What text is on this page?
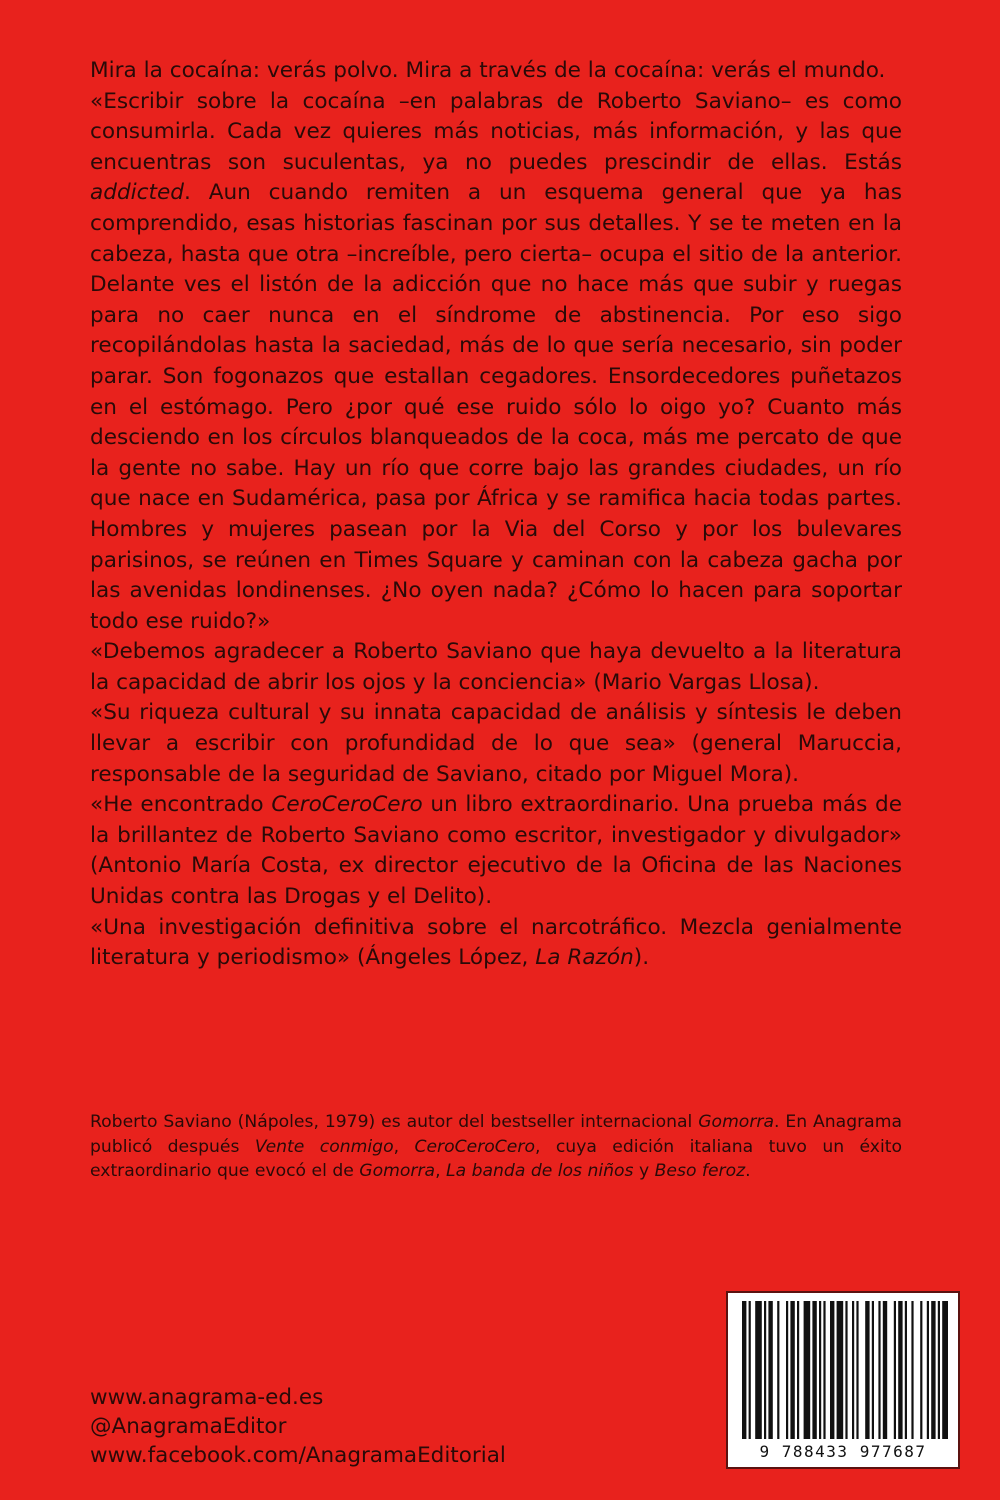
Mira la cocaína: verás polvo. Mira a través de la cocaína: verás el mundo.

«Escribir sobre la cocaína –en palabras de Roberto Saviano– es como consumirla. Cada vez quieres más noticias, más información, y las que encuentras son suculentas, ya no puedes prescindir de ellas. Estás addicted. Aun cuando remiten a un esquema general que ya has comprendido, esas historias fascinan por sus detalles. Y se te meten en la cabeza, hasta que otra –increíble, pero cierta– ocupa el sitio de la anterior. Delante ves el listón de la adicción que no hace más que subir y ruegas para no caer nunca en el síndrome de abstinencia. Por eso sigo recopilándolas hasta la saciedad, más de lo que sería necesario, sin poder parar. Son fogonazos que estallan cegadores. Ensordecedores puñetazos en el estómago. Pero ¿por qué ese ruido sólo lo oigo yo? Cuanto más desciendo en los círculos blanqueados de la coca, más me percato de que la gente no sabe. Hay un río que corre bajo las grandes ciudades, un río que nace en Sudamérica, pasa por África y se ramifica hacia todas partes. Hombres y mujeres pasean por la Via del Corso y por los bulevares parisinos, se reúnen en Times Square y caminan con la cabeza gacha por las avenidas londinenses. ¿No oyen nada? ¿Cómo lo hacen para soportar todo ese ruido?»

«Debemos agradecer a Roberto Saviano que haya devuelto a la literatura la capacidad de abrir los ojos y la conciencia» (Mario Vargas Llosa).

«Su riqueza cultural y su innata capacidad de análisis y síntesis le deben llevar a escribir con profundidad de lo que sea» (general Maruccia, responsable de la seguridad de Saviano, citado por Miguel Mora).

«He encontrado CeroCeroCero un libro extraordinario. Una prueba más de la brillantez de Roberto Saviano como escritor, investigador y divulgador» (Antonio María Costa, ex director ejecutivo de la Oficina de las Naciones Unidas contra las Drogas y el Delito).

«Una investigación definitiva sobre el narcotráfico. Mezcla genialmente literatura y periodismo» (Ángeles López, La Razón).

Roberto Saviano (Nápoles, 1979) es autor del bestseller internacional Gomorra. En Anagrama publicó después Vente conmigo, CeroCeroCero, cuya edición italiana tuvo un éxito extraordinario que evocó el de Gomorra, La banda de los niños y Beso feroz.

www.anagrama-ed.es
@AnagramaEditor
www.facebook.com/AnagramaEditorial	9 788433 977687
